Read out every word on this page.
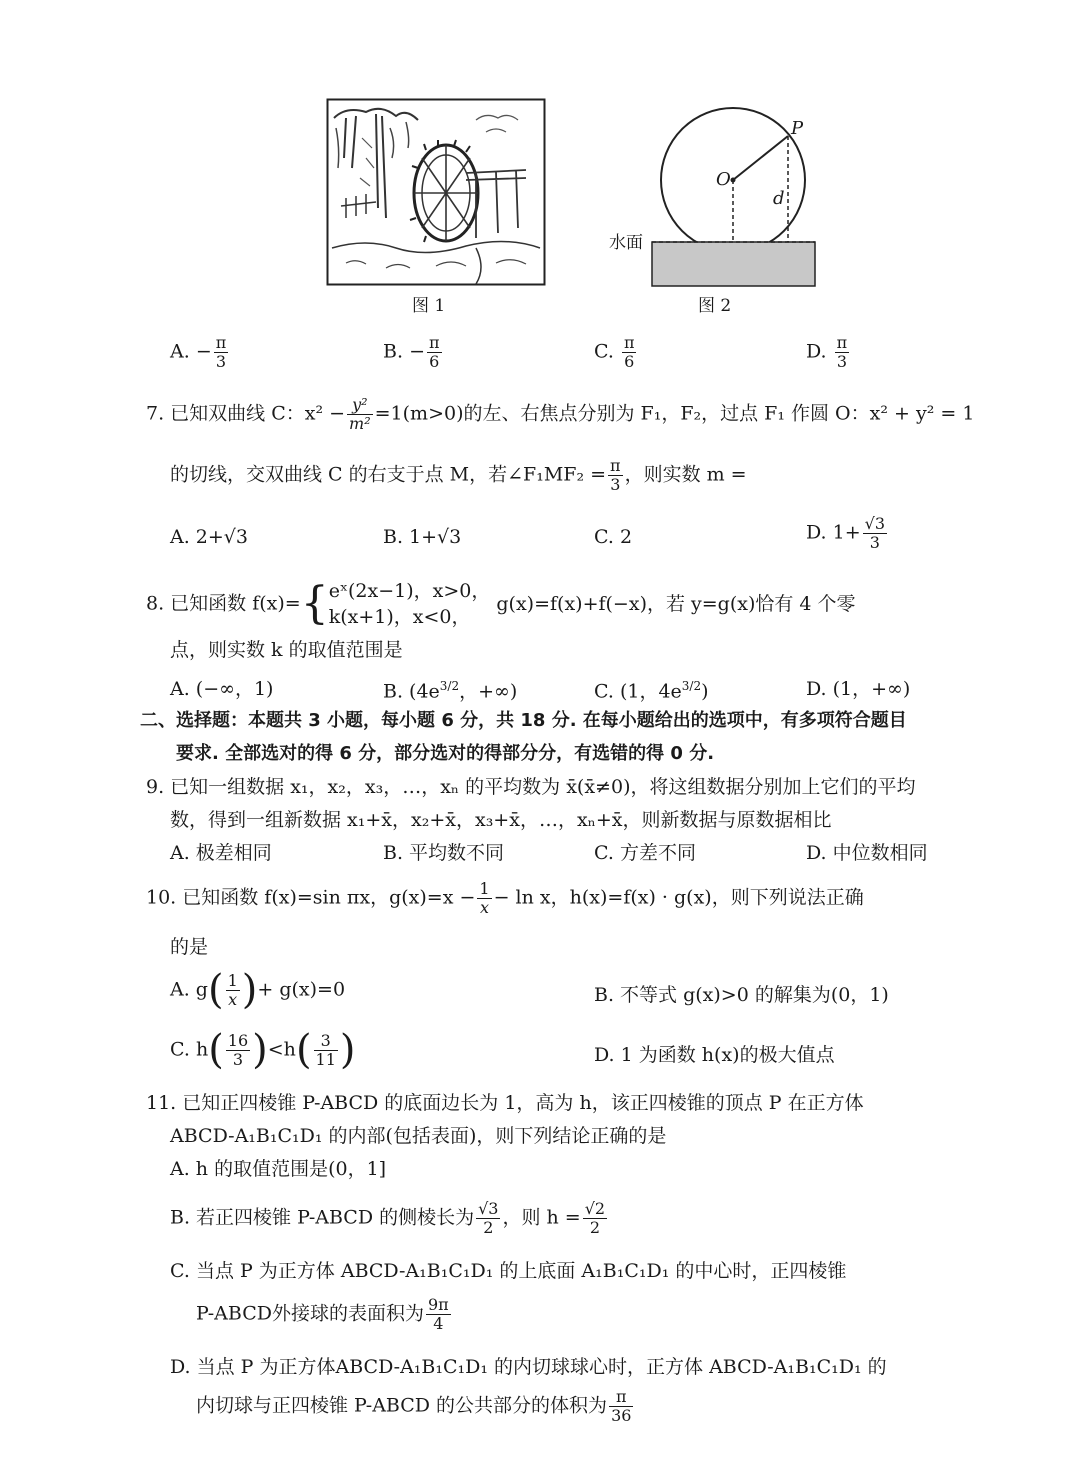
图 1
P
O
d
水面
图 2
A. − $\frac{\pi}{3}$	B. − $\frac{\pi}{6}$	C. $\frac{\pi}{6}$	D. $\frac{\pi}{3}$
7. 已知双曲线 C：$x^2 - \frac{\text{y²}}{\text{m²}} =1(m>0)$的左、右焦点分别为 F₁，F₂，过点 F₁ 作圆 O：x² + y² = 1
的切线，交双曲线 C 的右支于点 M，若∠F₁MF₂ = $\frac{\pi}{3}$ ，则实数 m =
A. 2+√3	B. 1+√3	C. 2	D. $1+ \frac{√3}{3}$
8. 已知函数 f(x)={ eˣ(2x−1)，x>0，
k(x+1)，x<0，
g(x)=f(x)+f(−x)，若 y=g(x)恰有 4 个零
点，则实数 k 的取值范围是
A. (−∞，1)	B. ($4e^{3/2}$，+∞)	C. (1，$4e^{3/2}$)	D. (1，+∞)
二、选择题：本题共 3 小题，每小题 6 分，共 18 分. 在每小题给出的选项中，有多项符合题目
要求. 全部选对的得 6 分，部分选对的得部分分，有选错的得 0 分.
9. 已知一组数据 x₁，x₂，x₃，…，xₙ 的平均数为 x̄(x̄≠0)，将这组数据分别加上它们的平均
数，得到一组新数据 x₁+x̄，x₂+x̄，x₃+x̄，…，xₙ+x̄，则新数据与原数据相比
A. 极差相同	B. 平均数不同	C. 方差不同	D. 中位数相同
10. 已知函数 f(x)=sin πx，$g(x)=x - \frac{1}{x} - \ln x$，h(x)=f(x) · g(x)，则下列说法正确
的是
A. $g( \frac{1}{x}$ )+ g(x)=0	B. 不等式 g(x)>0 的解集为(0，1)
C. $h( \frac{16}{3} )<h( \frac{3}{11}$ )	D. 1 为函数 h(x)的极大值点
11. 已知正四棱锥 P-ABCD 的底面边长为 1，高为 h，该正四棱锥的顶点 P 在正方体
ABCD-A₁B₁C₁D₁ 的内部(包括表面)，则下列结论正确的是
A. h 的取值范围是(0，1]
B. 若正四棱锥 P-ABCD 的侧棱长为 $\frac{√3}{2}$ ，则 $h = \frac{√2}{2}$
C. 当点 P 为正方体 ABCD-A₁B₁C₁D₁ 的上底面 A₁B₁C₁D₁ 的中心时，正四棱锥
P-ABCD外接球的表面积为 $\frac{9\pi}{4}$
D. 当点 P 为正方体ABCD-A₁B₁C₁D₁ 的内切球球心时，正方体 ABCD-A₁B₁C₁D₁ 的
内切球与正四棱锥 P-ABCD 的公共部分的体积为 $\frac{\pi}{36}$
